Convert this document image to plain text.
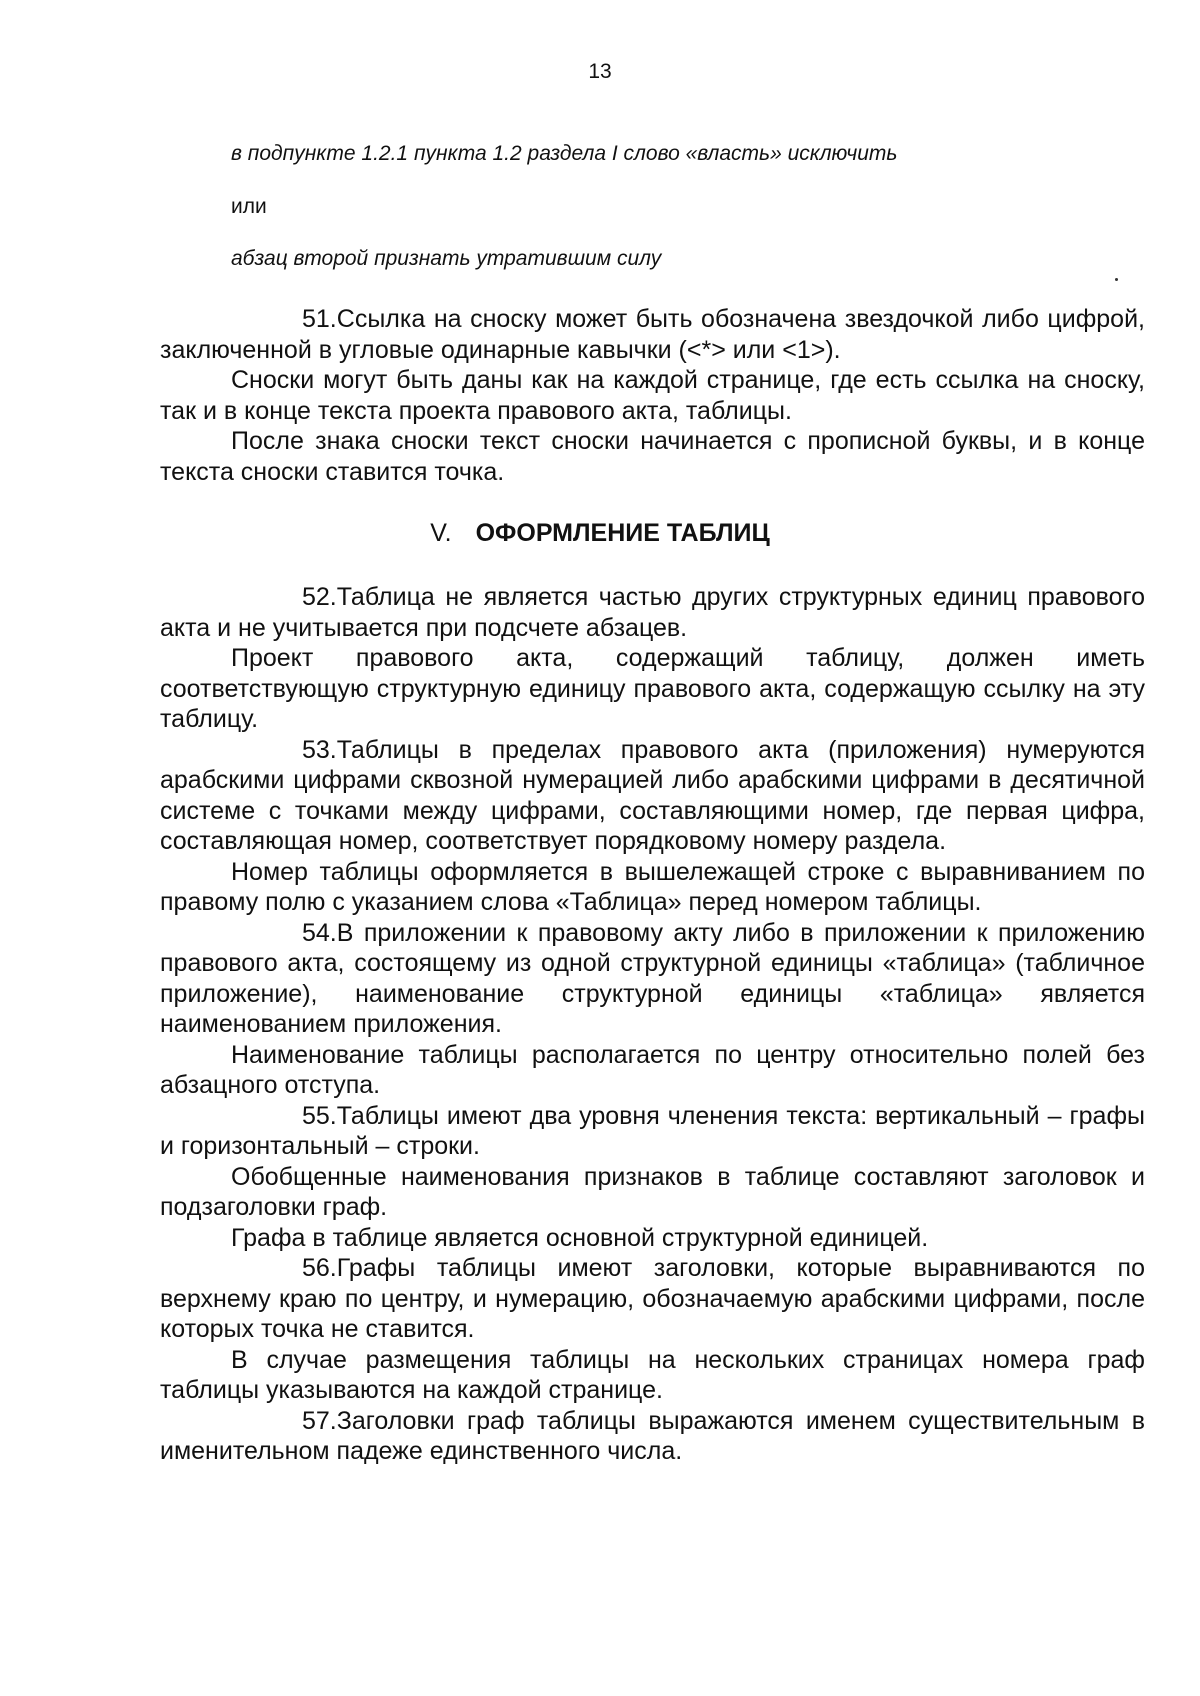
13
в подпункте 1.2.1 пункта 1.2 раздела I слово «власть» исключить
или
абзац второй признать утратившим силу

51.Ссылка на сноску может быть обозначена звездочкой либо цифрой, заключенной в угловые одинарные кавычки (<*> или <1>).

Сноски могут быть даны как на каждой странице, где есть ссылка на сноску, так и в конце текста проекта правового акта, таблицы.

После знака сноски текст сноски начинается с прописной буквы, и в конце текста сноски ставится точка.

V. ОФОРМЛЕНИЕ ТАБЛИЦ

52.Таблица не является частью других структурных единиц правового акта и не учитывается при подсчете абзацев.

Проект правового акта, содержащий таблицу, должен иметь соответствующую структурную единицу правового акта, содержащую ссылку на эту таблицу.

53.Таблицы в пределах правового акта (приложения) нумеруются арабскими цифрами сквозной нумерацией либо арабскими цифрами в десятичной системе с точками между цифрами, составляющими номер, где первая цифра, составляющая номер, соответствует порядковому номеру раздела.

Номер таблицы оформляется в вышележащей строке с выравниванием по правому полю с указанием слова «Таблица» перед номером таблицы.

54.В приложении к правовому акту либо в приложении к приложению правового акта, состоящему из одной структурной единицы «таблица» (табличное приложение), наименование структурной единицы «таблица» является наименованием приложения.

Наименование таблицы располагается по центру относительно полей без абзацного отступа.

55.Таблицы имеют два уровня членения текста: вертикальный – графы и горизонтальный – строки.

Обобщенные наименования признаков в таблице составляют заголовок и подзаголовки граф.

Графа в таблице является основной структурной единицей.

56.Графы таблицы имеют заголовки, которые выравниваются по верхнему краю по центру, и нумерацию, обозначаемую арабскими цифрами, после которых точка не ставится.

В случае размещения таблицы на нескольких страницах номера граф таблицы указываются на каждой странице.

57.Заголовки граф таблицы выражаются именем существительным в именительном падеже единственного числа.
